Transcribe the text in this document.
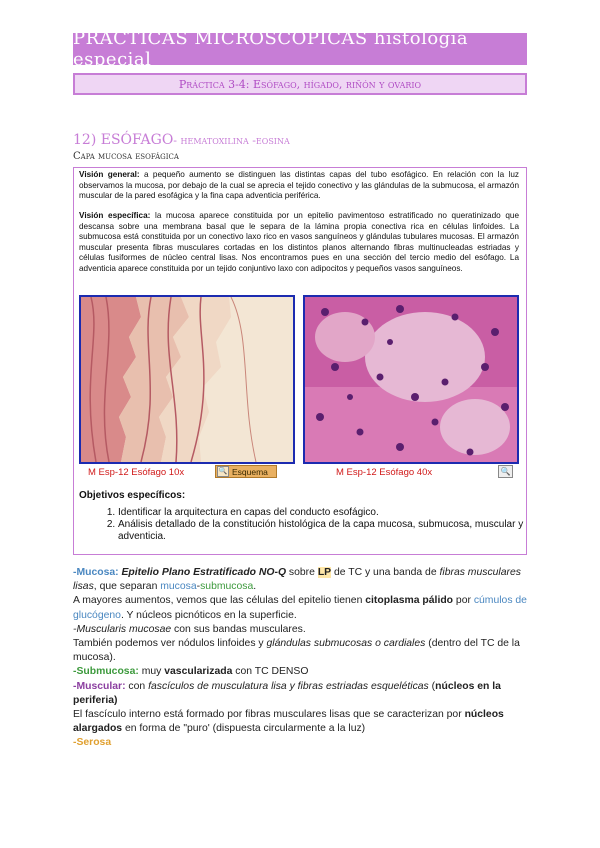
PRÁCTICAS MICROSCÓPICAS histología especial
Práctica 3-4: Esófago, hígado, riñón y ovario
12) ESÓFAGO- hematoxilina -eosina
Capa mucosa esofágica

Visión general: a pequeño aumento se distinguen las distintas capas del tubo esofágico. En relación con la luz observamos la mucosa, por debajo de la cual se aprecia el tejido conectivo y las glándulas de la submucosa, el armazón muscular de la pared esofágica y la fina capa adventicia periférica.

Visión específica: la mucosa aparece constituida por un epitelio pavimentoso estratificado no queratinizado que descansa sobre una membrana basal que le separa de la lámina propia conectiva rica en células linfoides. La submucosa está constituida por un conectivo laxo rico en vasos sanguíneos y glándulas tubulares mucosas. El armazón muscular presenta fibras musculares cortadas en los distintos planos alternando fibras multinucleadas estriadas y células fusiformes de núcleo central lisas. Nos encontramos pues en una sección del tercio medio del esófago. La adventicia aparece constituida por un tejido conjuntivo laxo con adipocitos y pequeños vasos sanguíneos.

M Esp-12 Esófago 10x	🔍 Esquema	M Esp-12 Esófago 40x	🔍
Objetivos específicos:
1. Identificar la arquitectura en capas del conducto esofágico.
2. Análisis detallado de la constitución histológica de la capa mucosa, submucosa, muscular y adventicia.

-Mucosa: Epitelio Plano Estratificado NO-Q sobre LP de TC y una banda de fibras musculares lisas, que separan mucosa-submucosa.

A mayores aumentos, vemos que las células del epitelio tienen citoplasma pálido por cúmulos de glucógeno. Y núcleos picnóticos en la superficie.

-Muscularis mucosae con sus bandas musculares.

También podemos ver nódulos linfoides y glándulas submucosas o cardiales (dentro del TC de la mucosa).

-Submucosa: muy vascularizada con TC DENSO

-Muscular: con fascículos de musculatura lisa y fibras estriadas esqueléticas (núcleos en la periferia)

El fascículo interno está formado por fibras musculares lisas que se caracterizan por núcleos alargados en forma de "puro' (dispuesta circularmente a la luz)

-Serosa
